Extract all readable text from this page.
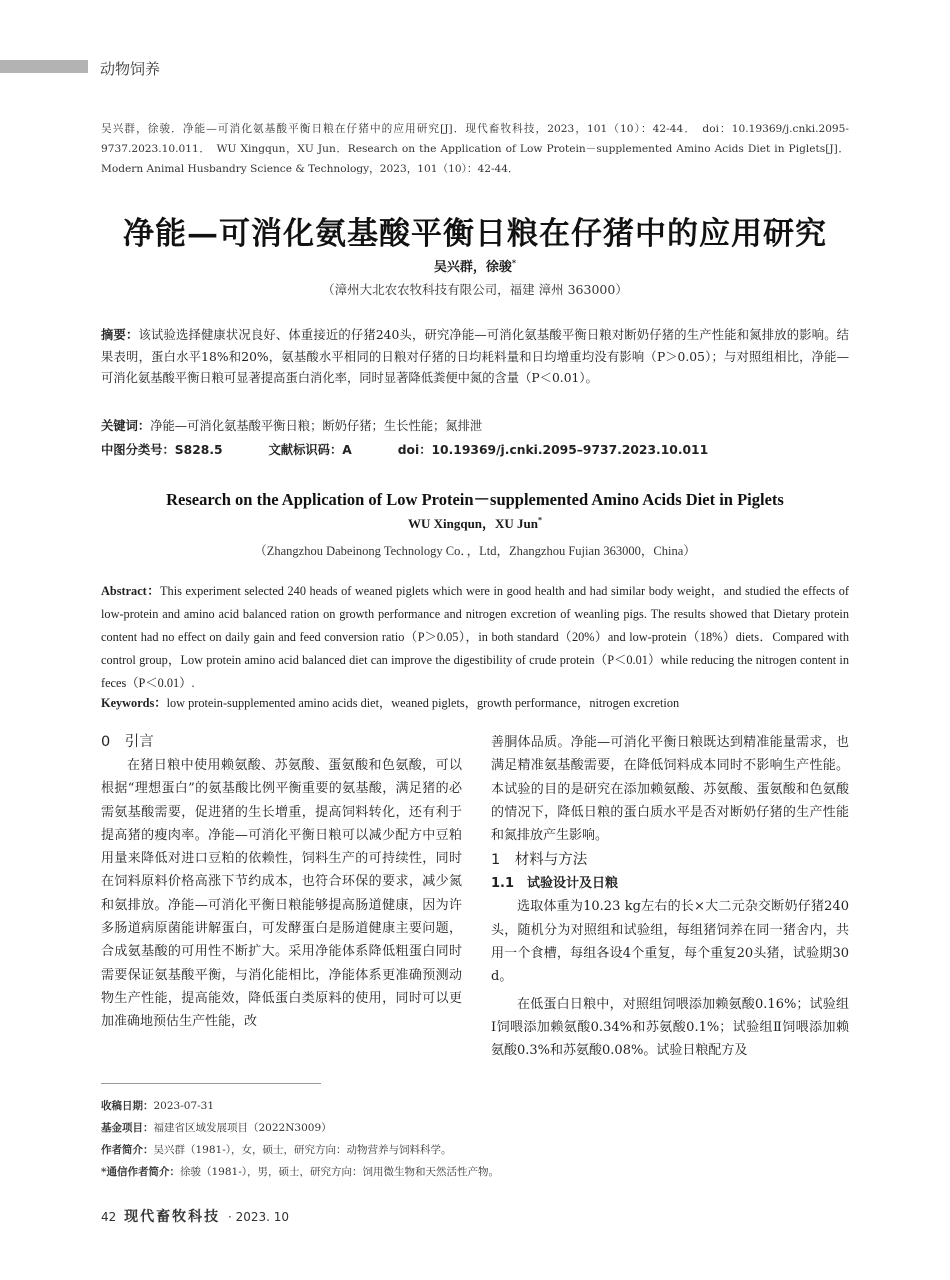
动物饲养
吴兴群，徐骏．净能—可消化氨基酸平衡日粮在仔猪中的应用研究[J]．现代畜牧科技，2023，101（10）：42-44．　doi：10.19369/j.cnki.2095-9737.2023.10.011．　WU Xingqun，XU Jun．Research on the Application of Low Protein－supplemented Amino Acids Diet in Piglets[J]．Modern Animal Husbandry Science & Technology，2023，101（10）：42-44．
净能—可消化氨基酸平衡日粮在仔猪中的应用研究
吴兴群，徐骏*
（漳州大北农农牧科技有限公司，福建 漳州 363000）
摘要：该试验选择健康状况良好、体重接近的仔猪240头，研究净能—可消化氨基酸平衡日粮对断奶仔猪的生产性能和氮排放的影响。结果表明，蛋白水平18%和20%，氨基酸水平相同的日粮对仔猪的日均耗料量和日均增重均没有影响（P＞0.05）；与对照组相比，净能—可消化氨基酸平衡日粮可显著提高蛋白消化率，同时显著降低粪便中氮的含量（P＜0.01）。
关键词：净能—可消化氨基酸平衡日粮；断奶仔猪；生长性能；氮排泄
中图分类号：S828.5	文献标识码：A	doi：10.19369/j.cnki.2095–9737.2023.10.011
Research on the Application of Low Protein－supplemented Amino Acids Diet in Piglets
WU Xingqun，XU Jun*
（Zhangzhou Dabeinong Technology Co．，Ltd，Zhangzhou Fujian 363000，China）
Abstract：This experiment selected 240 heads of weaned piglets which were in good health and had similar body weight，and studied the effects of low-protein and amino acid balanced ration on growth performance and nitrogen excretion of weanling pigs. The results showed that Dietary protein content had no effect on daily gain and feed conversion ratio（P＞0.05），in both standard（20%）and low-protein（18%）diets．Compared with control group，Low protein amino acid balanced diet can improve the digestibility of crude protein（P＜0.01）while reducing the nitrogen content in feces（P＜0.01）.
Keywords：low protein-supplemented amino acids diet，weaned piglets，growth performance，nitrogen excretion
0　引言

在猪日粮中使用赖氨酸、苏氨酸、蛋氨酸和色氨酸，可以根据“理想蛋白”的氨基酸比例平衡重要的氨基酸，满足猪的必需氨基酸需要，促进猪的生长增重，提高饲料转化，还有利于提高猪的瘦肉率。净能—可消化平衡日粮可以减少配方中豆粕用量来降低对进口豆粕的依赖性，饲料生产的可持续性，同时在饲料原料价格高涨下节约成本，也符合环保的要求，减少氮和氨排放。净能—可消化平衡日粮能够提高肠道健康，因为许多肠道病原菌能讲解蛋白，可发酵蛋白是肠道健康主要问题，合成氨基酸的可用性不断扩大。采用净能体系降低粗蛋白同时需要保证氨基酸平衡，与消化能相比，净能体系更准确预测动物生产性能，提高能效，降低蛋白类原料的使用，同时可以更加准确地预估生产性能，改

善胴体品质。净能—可消化平衡日粮既达到精准能量需求，也满足精准氨基酸需要，在降低饲料成本同时不影响生产性能。本试验的目的是研究在添加赖氨酸、苏氨酸、蛋氨酸和色氨酸的情况下，降低日粮的蛋白质水平是否对断奶仔猪的生产性能和氮排放产生影响。

1　材料与方法
1.1　试验设计及日粮

选取体重为10.23 kg左右的长×大二元杂交断奶仔猪240头，随机分为对照组和试验组，每组猪饲养在同一猪舍内，共用一个食槽，每组各设4个重复，每个重复20头猪，试验期30 d。

在低蛋白日粮中，对照组饲喂添加赖氨酸0.16%；试验组Ⅰ饲喂添加赖氨酸0.34%和苏氨酸0.1%；试验组Ⅱ饲喂添加赖氨酸0.3%和苏氨酸0.08%。试验日粮配方及

收稿日期：2023-07-31
基金项目：福建省区域发展项目（2022N3009）
作者简介：吴兴群（1981-），女，硕士，研究方向：动物营养与饲料科学。
*通信作者简介：徐骏（1981-），男，硕士，研究方向：饲用微生物和天然活性产物。
42 现代畜牧科技 · 2023. 10
